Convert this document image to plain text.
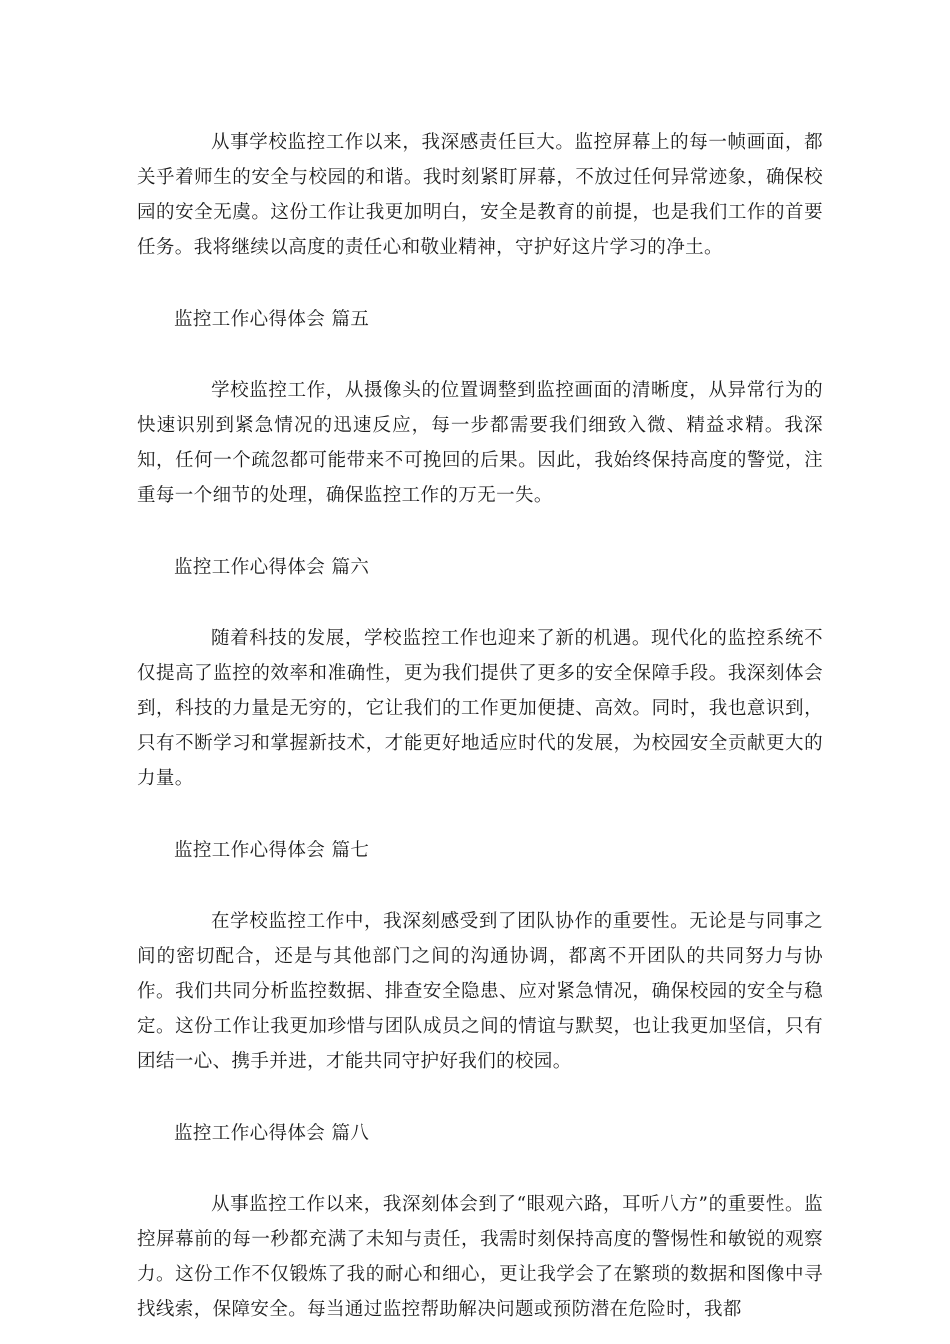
从事学校监控工作以来，我深感责任巨大。监控屏幕上的每一帧画面，都关乎着师生的安全与校园的和谐。我时刻紧盯屏幕，不放过任何异常迹象，确保校园的安全无虞。这份工作让我更加明白，安全是教育的前提，也是我们工作的首要任务。我将继续以高度的责任心和敬业精神，守护好这片学习的净土。

监控工作心得体会 篇五

学校监控工作，从摄像头的位置调整到监控画面的清晰度，从异常行为的快速识别到紧急情况的迅速反应，每一步都需要我们细致入微、精益求精。我深知，任何一个疏忽都可能带来不可挽回的后果。因此，我始终保持高度的警觉，注重每一个细节的处理，确保监控工作的万无一失。

监控工作心得体会 篇六

随着科技的发展，学校监控工作也迎来了新的机遇。现代化的监控系统不仅提高了监控的效率和准确性，更为我们提供了更多的安全保障手段。我深刻体会到，科技的力量是无穷的，它让我们的工作更加便捷、高效。同时，我也意识到，只有不断学习和掌握新技术，才能更好地适应时代的发展，为校园安全贡献更大的力量。

监控工作心得体会 篇七

在学校监控工作中，我深刻感受到了团队协作的重要性。无论是与同事之间的密切配合，还是与其他部门之间的沟通协调，都离不开团队的共同努力与协作。我们共同分析监控数据、排查安全隐患、应对紧急情况，确保校园的安全与稳定。这份工作让我更加珍惜与团队成员之间的情谊与默契，也让我更加坚信，只有团结一心、携手并进，才能共同守护好我们的校园。

监控工作心得体会 篇八

从事监控工作以来，我深刻体会到了“眼观六路，耳听八方”的重要性。监控屏幕前的每一秒都充满了未知与责任，我需时刻保持高度的警惕性和敏锐的观察力。这份工作不仅锻炼了我的耐心和细心，更让我学会了在繁琐的数据和图像中寻找线索，保障安全。每当通过监控帮助解决问题或预防潜在危险时，我都
